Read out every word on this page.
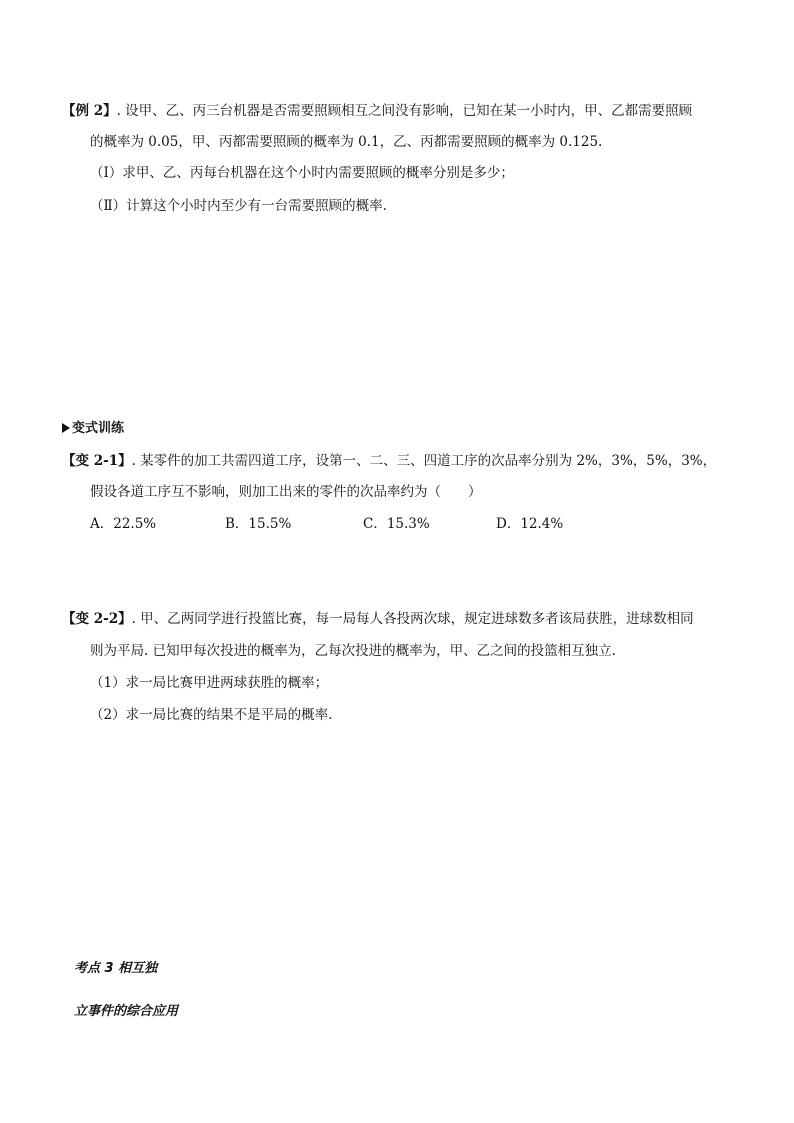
【例 2】. 设甲、乙、丙三台机器是否需要照顾相互之间没有影响，已知在某一小时内，甲、乙都需要照顾
的概率为 0.05，甲、丙都需要照顾的概率为 0.1，乙、丙都需要照顾的概率为 0.125.
（Ⅰ）求甲、乙、丙每台机器在这个小时内需要照顾的概率分别是多少；
（Ⅱ）计算这个小时内至少有一台需要照顾的概率.
变式训练
【变 2-1】. 某零件的加工共需四道工序，设第一、二、三、四道工序的次品率分别为 2%，3%，5%，3%，
假设各道工序互不影响，则加工出来的零件的次品率约为（　　）
A．22.5%	B．15.5%	C．15.3%	D．12.4%
【变 2-2】. 甲、乙两同学进行投篮比赛，每一局每人各投两次球，规定进球数多者该局获胜，进球数相同
则为平局. 已知甲每次投进的概率为，乙每次投进的概率为，甲、乙之间的投篮相互独立.
（1）求一局比赛甲进两球获胜的概率；
（2）求一局比赛的结果不是平局的概率.
考点 3 相互独
立事件的综合应用
